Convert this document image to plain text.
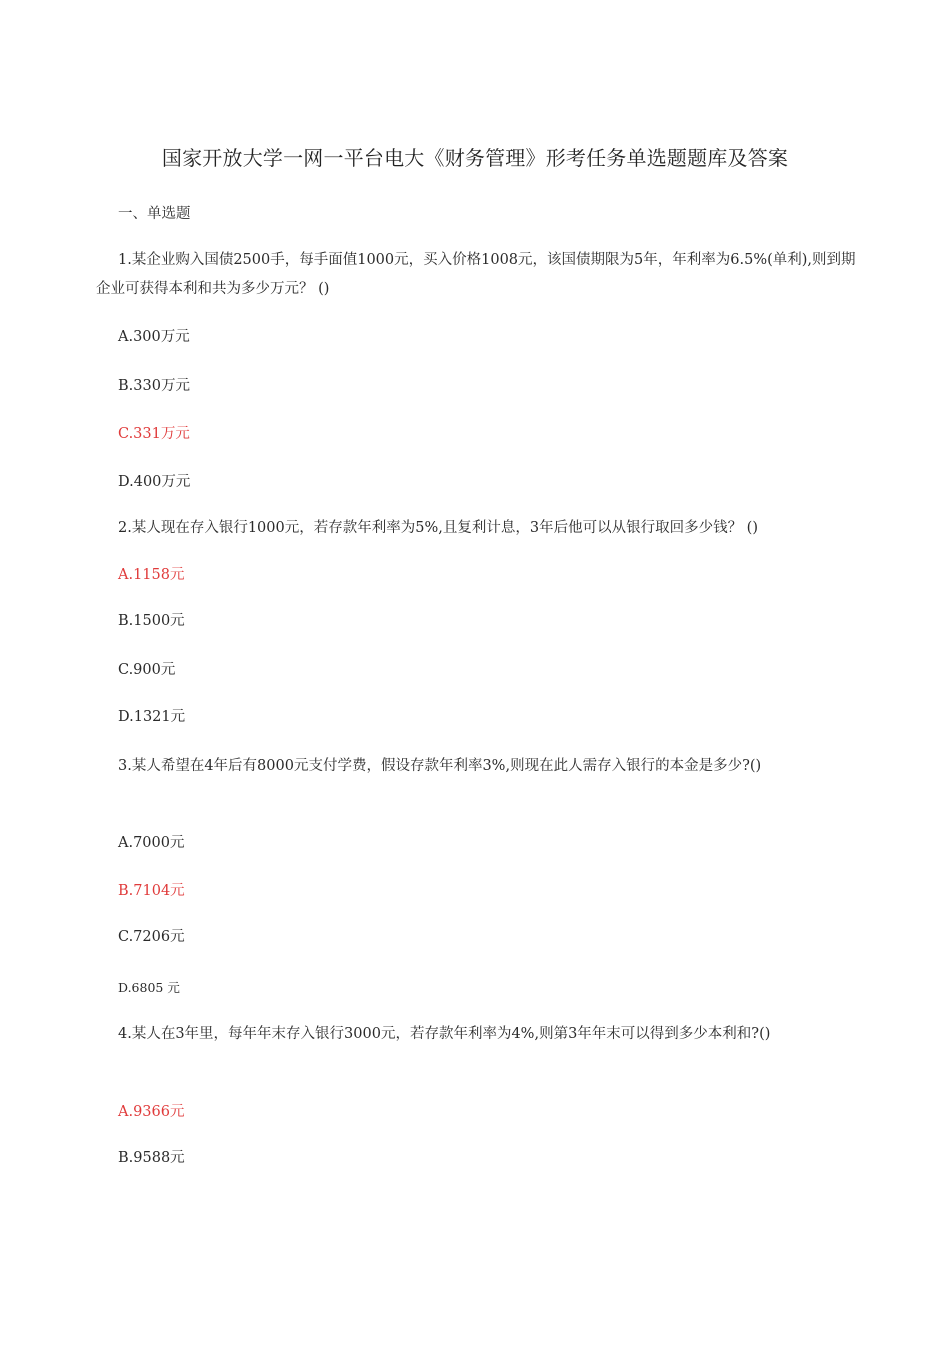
国家开放大学一网一平台电大《财务管理》形考任务单选题题库及答案
一、单选题
1.某企业购入国债2500手，每手面值1000元，买入价格1008元，该国债期限为5年，年利率为6.5%(单利),则到期企业可获得本利和共为多少万元？ ()
A.300万元
B.330万元
C.331万元
D.400万元
2.某人现在存入银行1000元，若存款年利率为5%,且复利计息，3年后他可以从银行取回多少钱？ ()
A.1158元
B.1500元
C.900元
D.1321元
3.某人希望在4年后有8000元支付学费，假设存款年利率3%,则现在此人需存入银行的本金是多少?()
A.7000元
B.7104元
C.7206元
D.6805 元
4.某人在3年里，每年年末存入银行3000元，若存款年利率为4%,则第3年年末可以得到多少本利和?()
A.9366元
B.9588元
